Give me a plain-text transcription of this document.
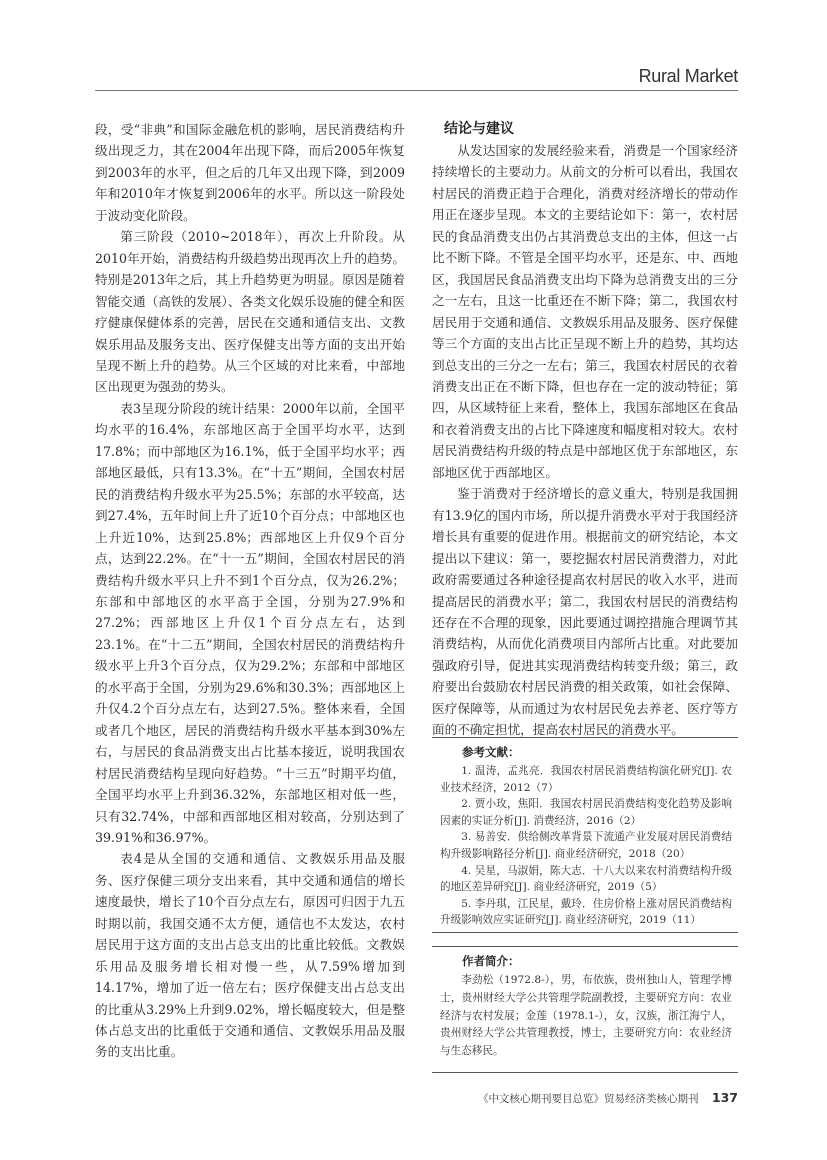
Rural Market

段，受“非典”和国际金融危机的影响，居民消费结构升级出现乏力，其在2004年出现下降，而后2005年恢复到2003年的水平，但之后的几年又出现下降，到2009年和2010年才恢复到2006年的水平。所以这一阶段处于波动变化阶段。

第三阶段（2010~2018年），再次上升阶段。从2010年开始，消费结构升级趋势出现再次上升的趋势。特别是2013年之后，其上升趋势更为明显。原因是随着智能交通（高铁的发展）、各类文化娱乐设施的健全和医疗健康保健体系的完善，居民在交通和通信支出、文教娱乐用品及服务支出、医疗保健支出等方面的支出开始呈现不断上升的趋势。从三个区域的对比来看，中部地区出现更为强劲的势头。

表3呈现分阶段的统计结果：2000年以前，全国平均水平的16.4%，东部地区高于全国平均水平，达到17.8%；而中部地区为16.1%，低于全国平均水平；西部地区最低，只有13.3%。在“十五”期间，全国农村居民的消费结构升级水平为25.5%；东部的水平较高，达到27.4%，五年时间上升了近10个百分点；中部地区也上升近10%，达到25.8%；西部地区上升仅9个百分点，达到22.2%。在“十一五”期间，全国农村居民的消费结构升级水平只上升不到1个百分点，仅为26.2%；东部和中部地区的水平高于全国，分别为27.9%和27.2%；西部地区上升仅1个百分点左右，达到23.1%。在“十二五”期间，全国农村居民的消费结构升级水平上升3个百分点，仅为29.2%；东部和中部地区的水平高于全国，分别为29.6%和30.3%；西部地区上升仅4.2个百分点左右，达到27.5%。整体来看，全国或者几个地区，居民的消费结构升级水平基本到30%左右，与居民的食品消费支出占比基本接近，说明我国农村居民消费结构呈现向好趋势。“十三五”时期平均值，全国平均水平上升到36.32%，东部地区相对低一些，只有32.74%，中部和西部地区相对较高，分别达到了39.91%和36.97%。

表4是从全国的交通和通信、文教娱乐用品及服务、医疗保健三项分支出来看，其中交通和通信的增长速度最快，增长了10个百分点左右，原因可归因于九五时期以前，我国交通不太方便，通信也不太发达，农村居民用于这方面的支出占总支出的比重比较低。文教娱乐用品及服务增长相对慢一些，从7.59%增加到14.17%，增加了近一倍左右；医疗保健支出占总支出的比重从3.29%上升到9.02%，增长幅度较大，但是整体占总支出的比重低于交通和通信、文教娱乐用品及服务的支出比重。

结论与建议

从发达国家的发展经验来看，消费是一个国家经济持续增长的主要动力。从前文的分析可以看出，我国农村居民的消费正趋于合理化，消费对经济增长的带动作用正在逐步呈现。本文的主要结论如下：第一，农村居民的食品消费支出仍占其消费总支出的主体，但这一占比不断下降。不管是全国平均水平，还是东、中、西地区，我国居民食品消费支出均下降为总消费支出的三分之一左右，且这一比重还在不断下降；第二，我国农村居民用于交通和通信、文教娱乐用品及服务、医疗保健等三个方面的支出占比正呈现不断上升的趋势，其均达到总支出的三分之一左右；第三，我国农村居民的衣着消费支出正在不断下降，但也存在一定的波动特征；第四，从区域特征上来看，整体上，我国东部地区在食品和衣着消费支出的占比下降速度和幅度相对较大。农村居民消费结构升级的特点是中部地区优于东部地区，东部地区优于西部地区。

鉴于消费对于经济增长的意义重大，特别是我国拥有13.9亿的国内市场，所以提升消费水平对于我国经济增长具有重要的促进作用。根据前文的研究结论，本文提出以下建议：第一，要挖掘农村居民消费潜力，对此政府需要通过各种途径提高农村居民的收入水平，进而提高居民的消费水平；第二，我国农村居民的消费结构还存在不合理的现象，因此要通过调控措施合理调节其消费结构，从而优化消费项目内部所占比重。对此要加强政府引导，促进其实现消费结构转变升级；第三，政府要出台鼓励农村居民消费的相关政策，如社会保障、医疗保障等，从而通过为农村居民免去养老、医疗等方面的不确定担忧，提高农村居民的消费水平。

参考文献：

1. 温涛，孟兆亮．我国农村居民消费结构演化研究[J]. 农业技术经济，2012（7）

2. 贾小玫，焦阳．我国农村居民消费结构变化趋势及影响因素的实证分析[J]. 消费经济，2016（2）

3. 易善安．供给侧改革背景下流通产业发展对居民消费结构升级影响路径分析[J]. 商业经济研究，2018（20）

4. 吴星，马淑娟，陈大志．十八大以来农村消费结构升级的地区差异研究[J]. 商业经济研究，2019（5）

5. 李丹琪，江民星，戴玲．住房价格上涨对居民消费结构升级影响效应实证研究[J]. 商业经济研究，2019（11）

作者简介：

李劲松（1972.8-），男，布依族，贵州独山人，管理学博士，贵州财经大学公共管理学院副教授，主要研究方向：农业经济与农村发展；金莲（1978.1-），女，汉族，浙江海宁人，贵州财经大学公共管理教授，博士，主要研究方向：农业经济与生态移民。

《中文核心期刊要目总览》贸易经济类核心期刊 137
